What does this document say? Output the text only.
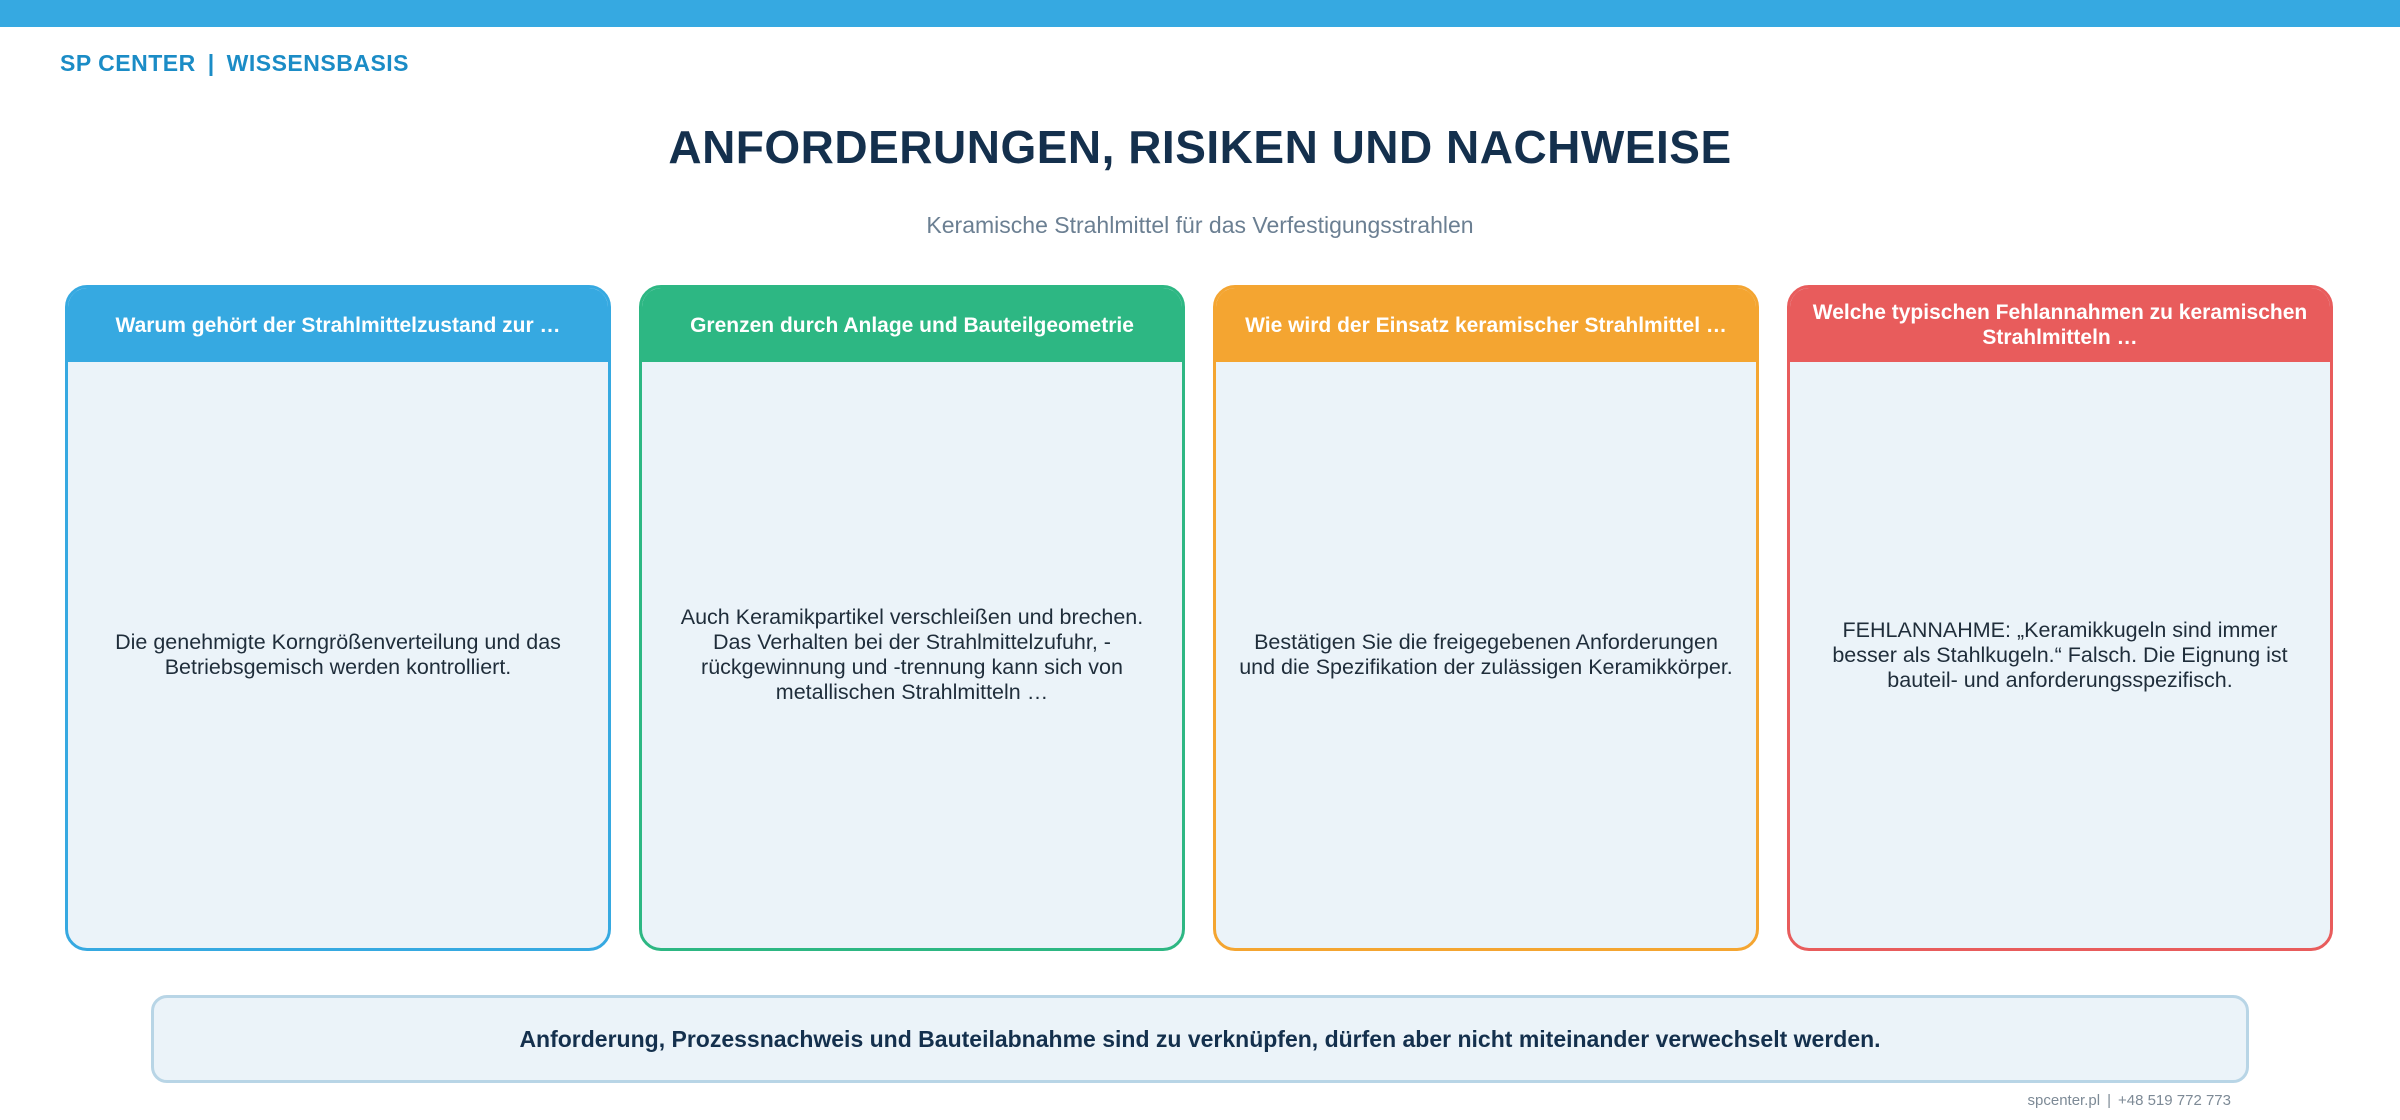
SP CENTER | WISSENSBASIS
ANFORDERUNGEN, RISIKEN UND NACHWEISE
Keramische Strahlmittel für das Verfestigungsstrahlen
Warum gehört der Strahlmittelzustand zur …
Die genehmigte Korngrößenverteilung und das Betriebsgemisch werden kontrolliert.
Grenzen durch Anlage und Bauteilgeometrie
Auch Keramikpartikel verschleißen und brechen. Das Verhalten bei der Strahlmittelzufuhr, -rückgewinnung und -trennung kann sich von metallischen Strahlmitteln …
Wie wird der Einsatz keramischer Strahlmittel …
Bestätigen Sie die freigegebenen Anforderungen und die Spezifikation der zulässigen Keramikkörper.
Welche typischen Fehlannahmen zu keramischen Strahlmitteln …
FEHLANNAHME: „Keramikkugeln sind immer besser als Stahlkugeln.“ Falsch. Die Eignung ist bauteil- und anforderungsspezifisch.
Anforderung, Prozessnachweis und Bauteilabnahme sind zu verknüpfen, dürfen aber nicht miteinander verwechselt werden.
spcenter.pl | +48 519 772 773
